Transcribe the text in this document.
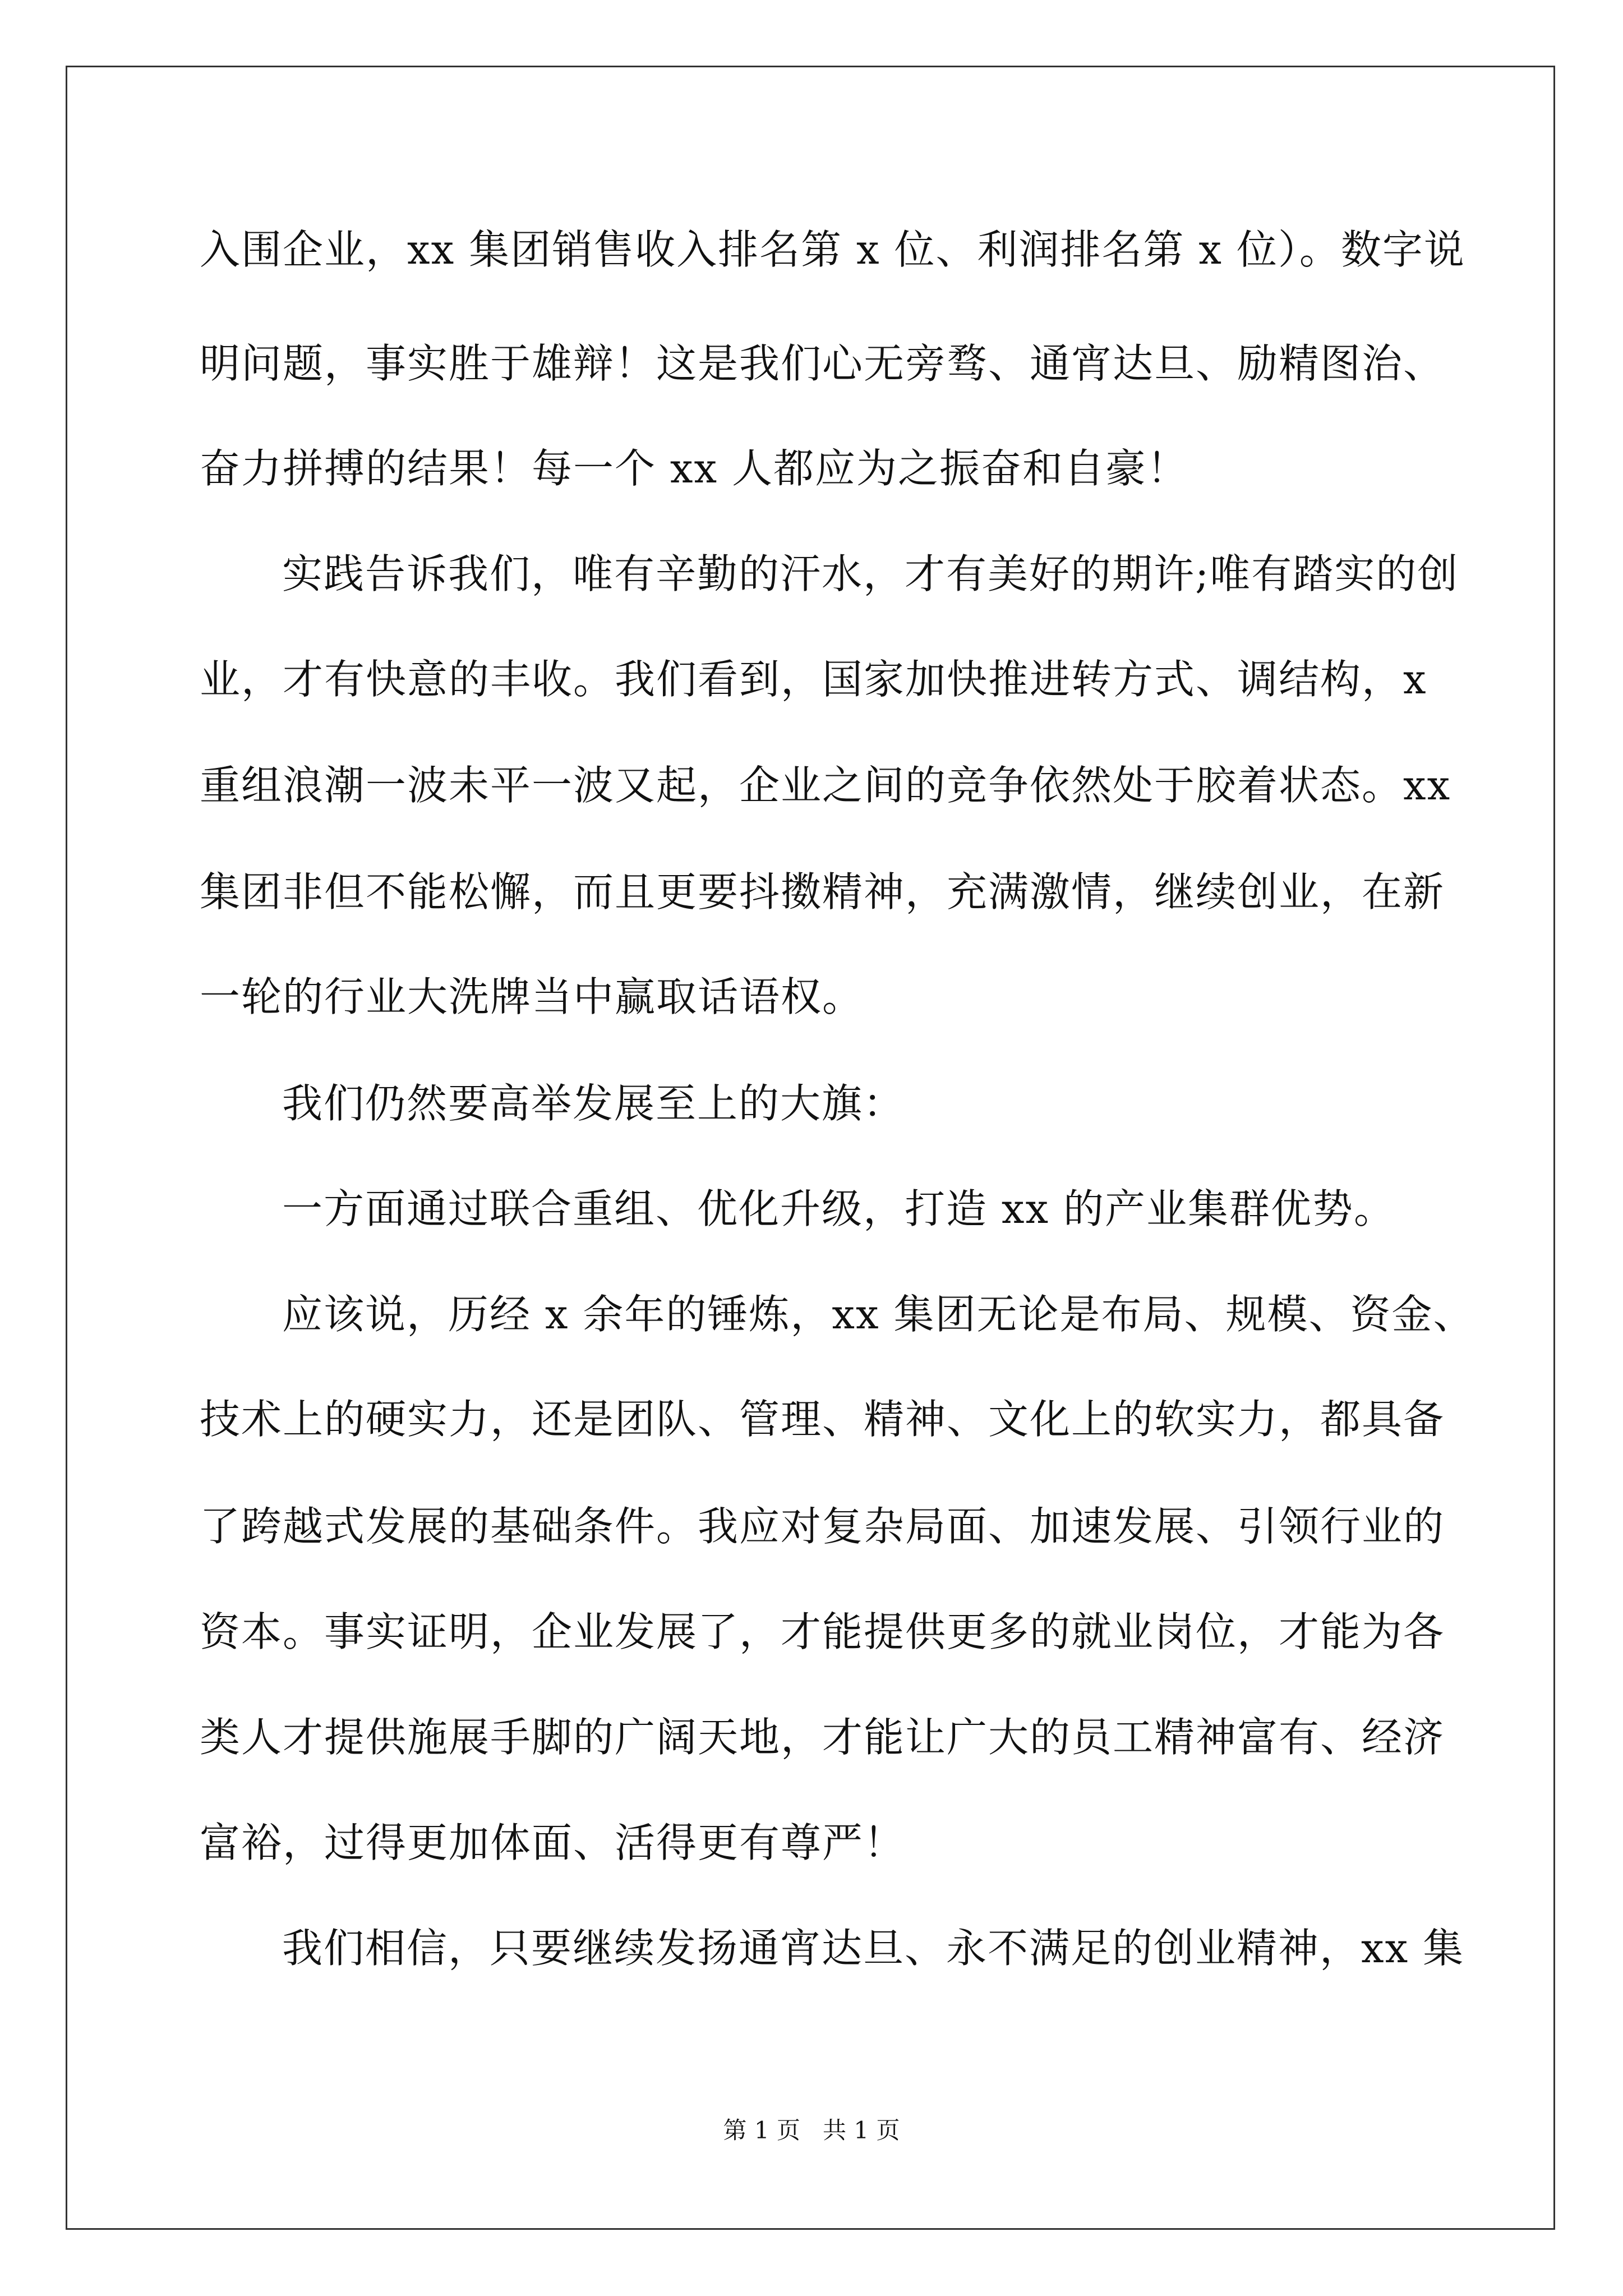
入围企业，xx 集团销售收入排名第 x 位、利润排名第 x 位）。数字说
明问题，事实胜于雄辩！这是我们心无旁骛、通宵达旦、励精图治、
奋力拼搏的结果！每一个 xx 人都应为之振奋和自豪！
实践告诉我们，唯有辛勤的汗水，才有美好的期许;唯有踏实的创
业，才有快意的丰收。我们看到，国家加快推进转方式、调结构，x
重组浪潮一波未平一波又起，企业之间的竞争依然处于胶着状态。xx
集团非但不能松懈，而且更要抖擞精神，充满激情，继续创业，在新
一轮的行业大洗牌当中赢取话语权。
我们仍然要高举发展至上的大旗：
一方面通过联合重组、优化升级，打造 xx 的产业集群优势。
应该说，历经 x 余年的锤炼，xx 集团无论是布局、规模、资金、
技术上的硬实力，还是团队、管理、精神、文化上的软实力，都具备
了跨越式发展的基础条件。我应对复杂局面、加速发展、引领行业的
资本。事实证明，企业发展了，才能提供更多的就业岗位，才能为各
类人才提供施展手脚的广阔天地，才能让广大的员工精神富有、经济
富裕，过得更加体面、活得更有尊严！
我们相信，只要继续发扬通宵达旦、永不满足的创业精神，xx 集
第 1 页   共 1 页
